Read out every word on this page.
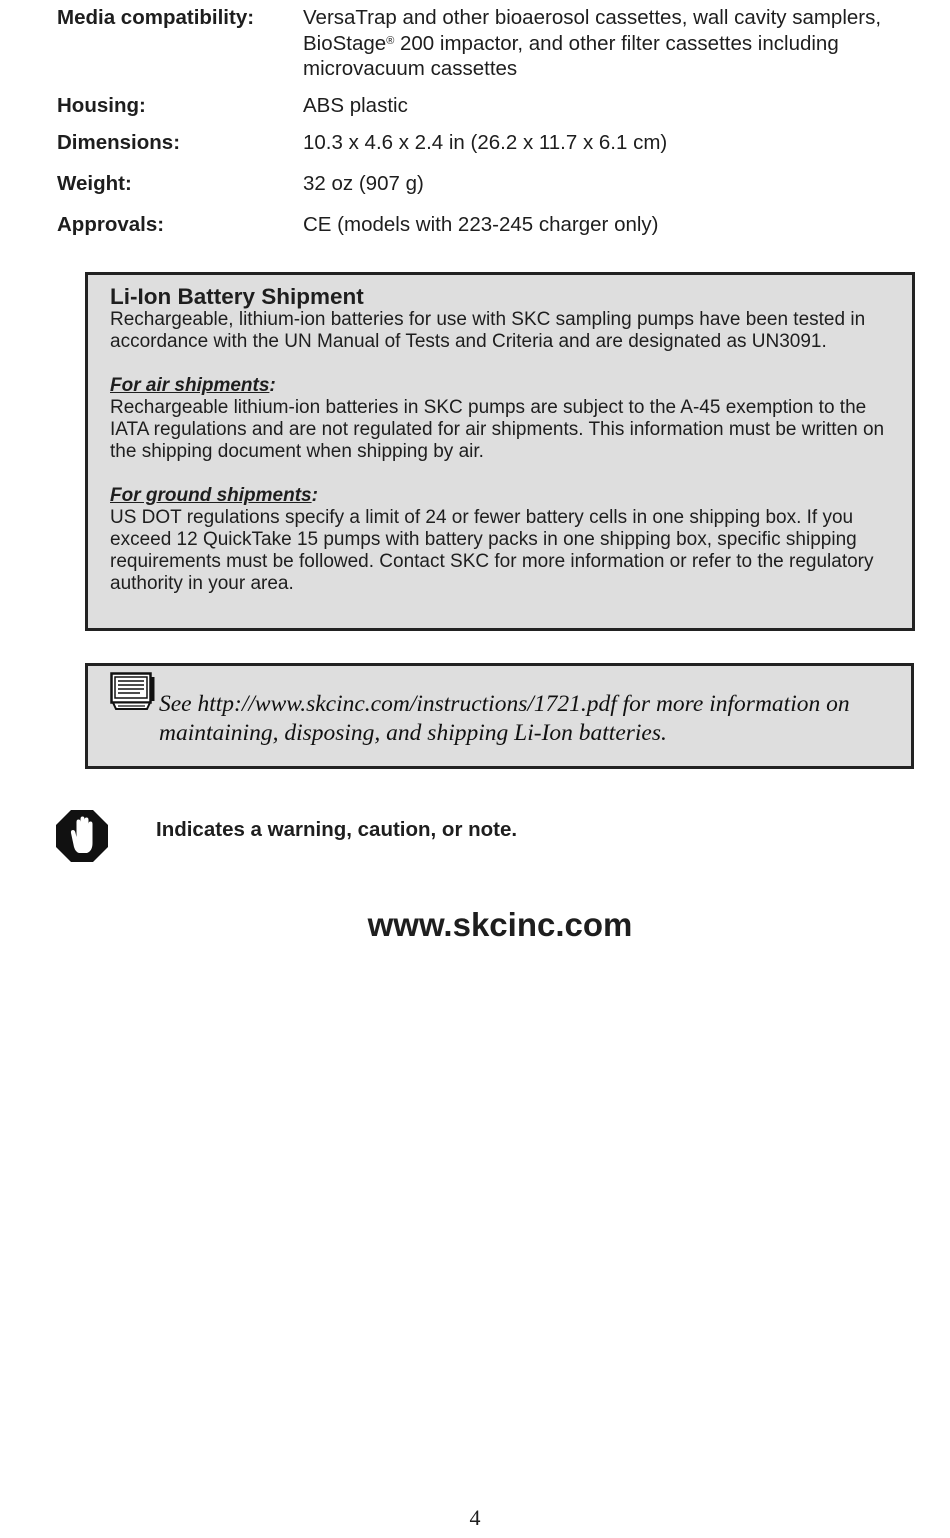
Media compatibility: VersaTrap and other bioaerosol cassettes, wall cavity samplers, BioStage® 200 impactor, and other filter cassettes including microvacuum cassettes
Housing:	ABS plastic
Dimensions:	10.3 x 4.6 x 2.4 in (26.2 x 11.7 x 6.1 cm)
Weight:	32 oz (907 g)
Approvals:	CE (models with 223-245 charger only)
Li-Ion Battery Shipment

Rechargeable, lithium-ion batteries for use with SKC sampling pumps have been tested in accordance with the UN Manual of Tests and Criteria and are designated as UN3091.

For air shipments:

Rechargeable lithium-ion batteries in SKC pumps are subject to the A-45 exemption to the IATA regulations and are not regulated for air shipments. This information must be written on the shipping document when shipping by air.

For ground shipments:

US DOT regulations specify a limit of 24 or fewer battery cells in one shipping box. If you exceed 12 QuickTake 15 pumps with battery packs in one shipping box, specific shipping requirements must be followed. Contact SKC for more information or refer to the regulatory authority in your area.

See http://www.skcinc.com/instructions/1721.pdf for more information on maintaining, disposing, and shipping Li-Ion batteries.
Indicates a warning, caution, or note.
www.skcinc.com
4
